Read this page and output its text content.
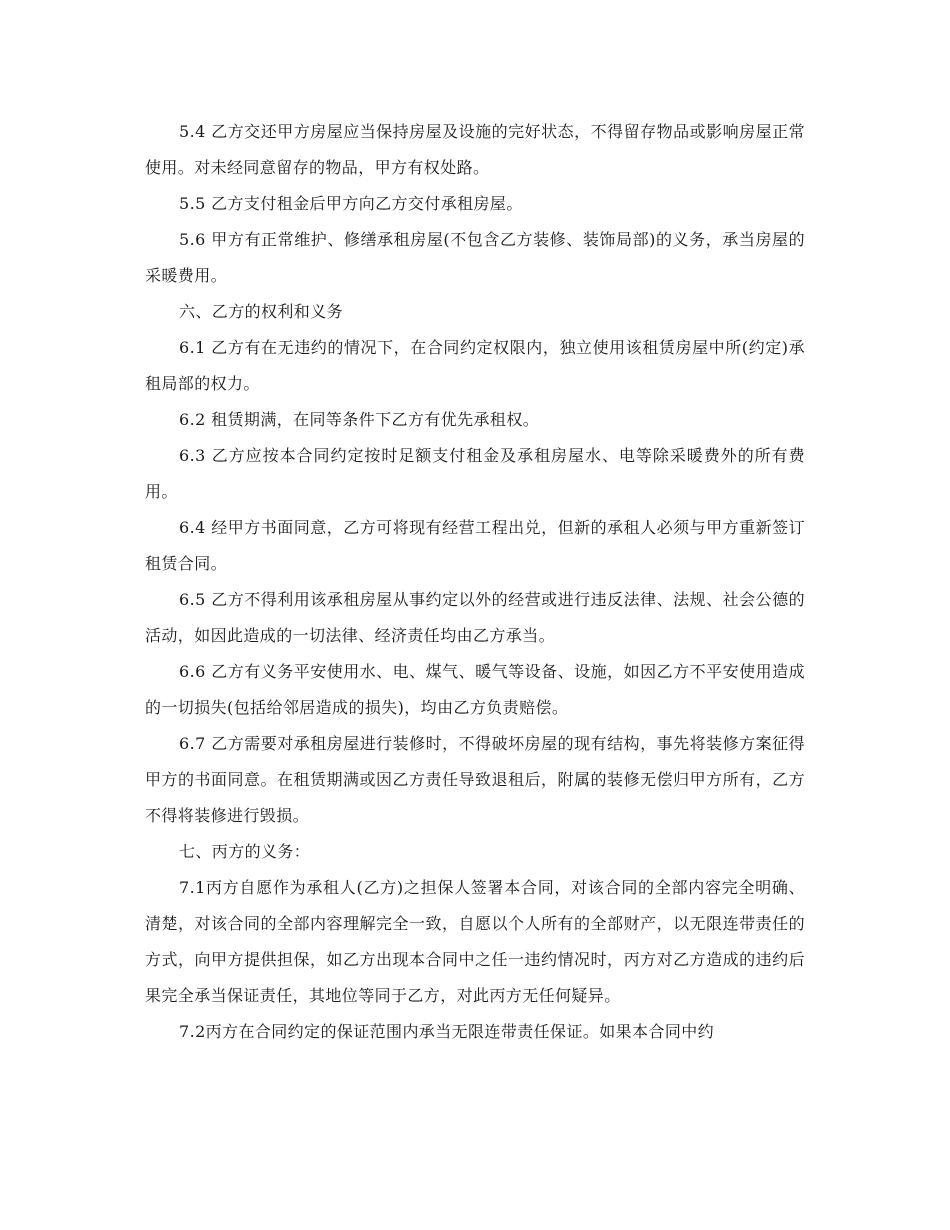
5.4 乙方交还甲方房屋应当保持房屋及设施的完好状态，不得留存物品或影响房屋正常使用。对未经同意留存的物品，甲方有权处路。

5.5 乙方支付租金后甲方向乙方交付承租房屋。

5.6 甲方有正常维护、修缮承租房屋(不包含乙方装修、装饰局部)的义务，承当房屋的采暖费用。

六、乙方的权利和义务

6.1 乙方有在无违约的情况下，在合同约定权限内，独立使用该租赁房屋中所(约定)承租局部的权力。

6.2 租赁期满，在同等条件下乙方有优先承租权。

6.3 乙方应按本合同约定按时足额支付租金及承租房屋水、电等除采暖费外的所有费用。

6.4 经甲方书面同意，乙方可将现有经营工程出兑，但新的承租人必须与甲方重新签订租赁合同。

6.5 乙方不得利用该承租房屋从事约定以外的经营或进行违反法律、法规、社会公德的活动，如因此造成的一切法律、经济责任均由乙方承当。

6.6 乙方有义务平安使用水、电、煤气、暖气等设备、设施，如因乙方不平安使用造成的一切损失(包括给邻居造成的损失)，均由乙方负责赔偿。

6.7 乙方需要对承租房屋进行装修时，不得破坏房屋的现有结构，事先将装修方案征得甲方的书面同意。在租赁期满或因乙方责任导致退租后，附属的装修无偿归甲方所有，乙方不得将装修进行毁损。

七、丙方的义务：

7.1丙方自愿作为承租人(乙方)之担保人签署本合同，对该合同的全部内容完全明确、清楚，对该合同的全部内容理解完全一致，自愿以个人所有的全部财产，以无限连带责任的方式，向甲方提供担保，如乙方出现本合同中之任一违约情况时，丙方对乙方造成的违约后果完全承当保证责任，其地位等同于乙方，对此丙方无任何疑异。

7.2丙方在合同约定的保证范围内承当无限连带责任保证。如果本合同中约
